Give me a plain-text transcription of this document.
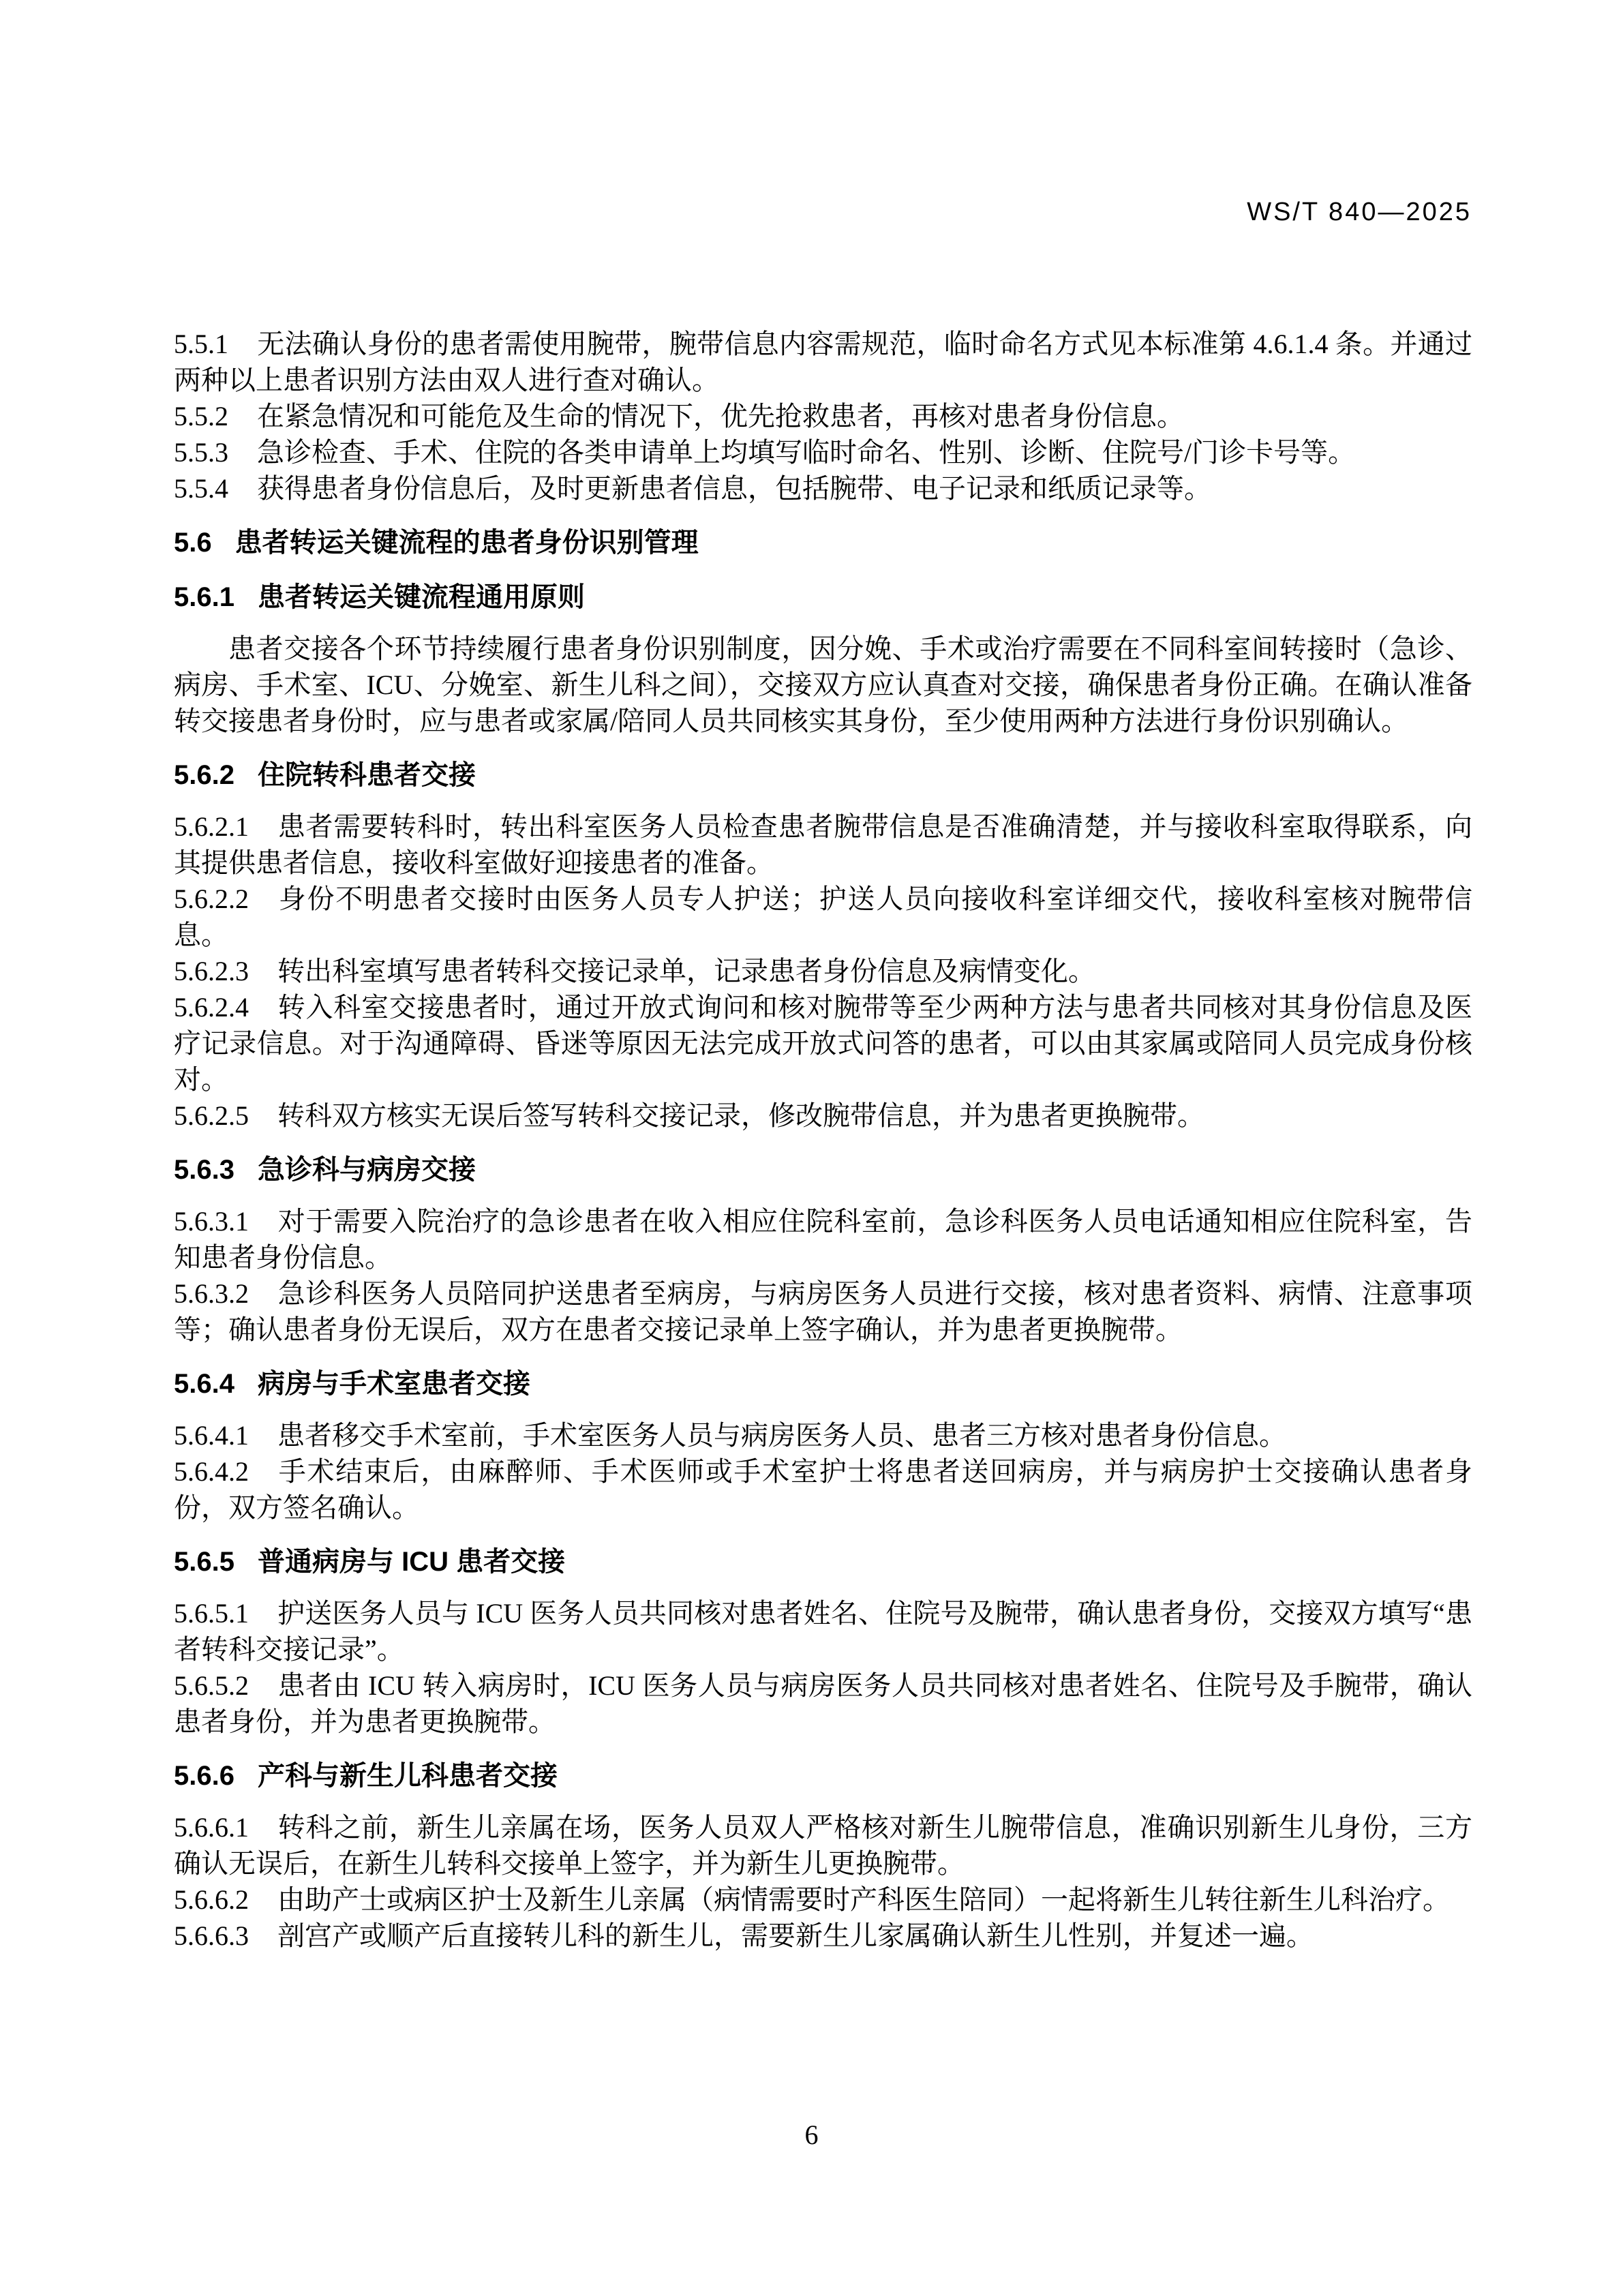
WS/T 840—2025

5.5.1 无法确认身份的患者需使用腕带，腕带信息内容需规范，临时命名方式见本标准第 4.6.1.4 条。并通过两种以上患者识别方法由双人进行查对确认。

5.5.2 在紧急情况和可能危及生命的情况下，优先抢救患者，再核对患者身份信息。

5.5.3 急诊检查、手术、住院的各类申请单上均填写临时命名、性别、诊断、住院号/门诊卡号等。

5.5.4 获得患者身份信息后，及时更新患者信息，包括腕带、电子记录和纸质记录等。

5.6 患者转运关键流程的患者身份识别管理

5.6.1 患者转运关键流程通用原则

患者交接各个环节持续履行患者身份识别制度，因分娩、手术或治疗需要在不同科室间转接时（急诊、病房、手术室、ICU、分娩室、新生儿科之间），交接双方应认真查对交接，确保患者身份正确。在确认准备转交接患者身份时，应与患者或家属/陪同人员共同核实其身份，至少使用两种方法进行身份识别确认。

5.6.2 住院转科患者交接

5.6.2.1 患者需要转科时，转出科室医务人员检查患者腕带信息是否准确清楚，并与接收科室取得联系，向其提供患者信息，接收科室做好迎接患者的准备。

5.6.2.2 身份不明患者交接时由医务人员专人护送；护送人员向接收科室详细交代，接收科室核对腕带信息。

5.6.2.3 转出科室填写患者转科交接记录单，记录患者身份信息及病情变化。

5.6.2.4 转入科室交接患者时，通过开放式询问和核对腕带等至少两种方法与患者共同核对其身份信息及医疗记录信息。对于沟通障碍、昏迷等原因无法完成开放式问答的患者，可以由其家属或陪同人员完成身份核对。

5.6.2.5 转科双方核实无误后签写转科交接记录，修改腕带信息，并为患者更换腕带。

5.6.3 急诊科与病房交接

5.6.3.1 对于需要入院治疗的急诊患者在收入相应住院科室前，急诊科医务人员电话通知相应住院科室，告知患者身份信息。

5.6.3.2 急诊科医务人员陪同护送患者至病房，与病房医务人员进行交接，核对患者资料、病情、注意事项等；确认患者身份无误后，双方在患者交接记录单上签字确认，并为患者更换腕带。

5.6.4 病房与手术室患者交接

5.6.4.1 患者移交手术室前，手术室医务人员与病房医务人员、患者三方核对患者身份信息。

5.6.4.2 手术结束后，由麻醉师、手术医师或手术室护士将患者送回病房，并与病房护士交接确认患者身份，双方签名确认。

5.6.5 普通病房与 ICU 患者交接

5.6.5.1 护送医务人员与 ICU 医务人员共同核对患者姓名、住院号及腕带，确认患者身份，交接双方填写“患者转科交接记录”。

5.6.5.2 患者由 ICU 转入病房时，ICU 医务人员与病房医务人员共同核对患者姓名、住院号及手腕带，确认患者身份，并为患者更换腕带。

5.6.6 产科与新生儿科患者交接

5.6.6.1 转科之前，新生儿亲属在场，医务人员双人严格核对新生儿腕带信息，准确识别新生儿身份，三方确认无误后，在新生儿转科交接单上签字，并为新生儿更换腕带。

5.6.6.2 由助产士或病区护士及新生儿亲属（病情需要时产科医生陪同）一起将新生儿转往新生儿科治疗。

5.6.6.3 剖宫产或顺产后直接转儿科的新生儿，需要新生儿家属确认新生儿性别，并复述一遍。

6
